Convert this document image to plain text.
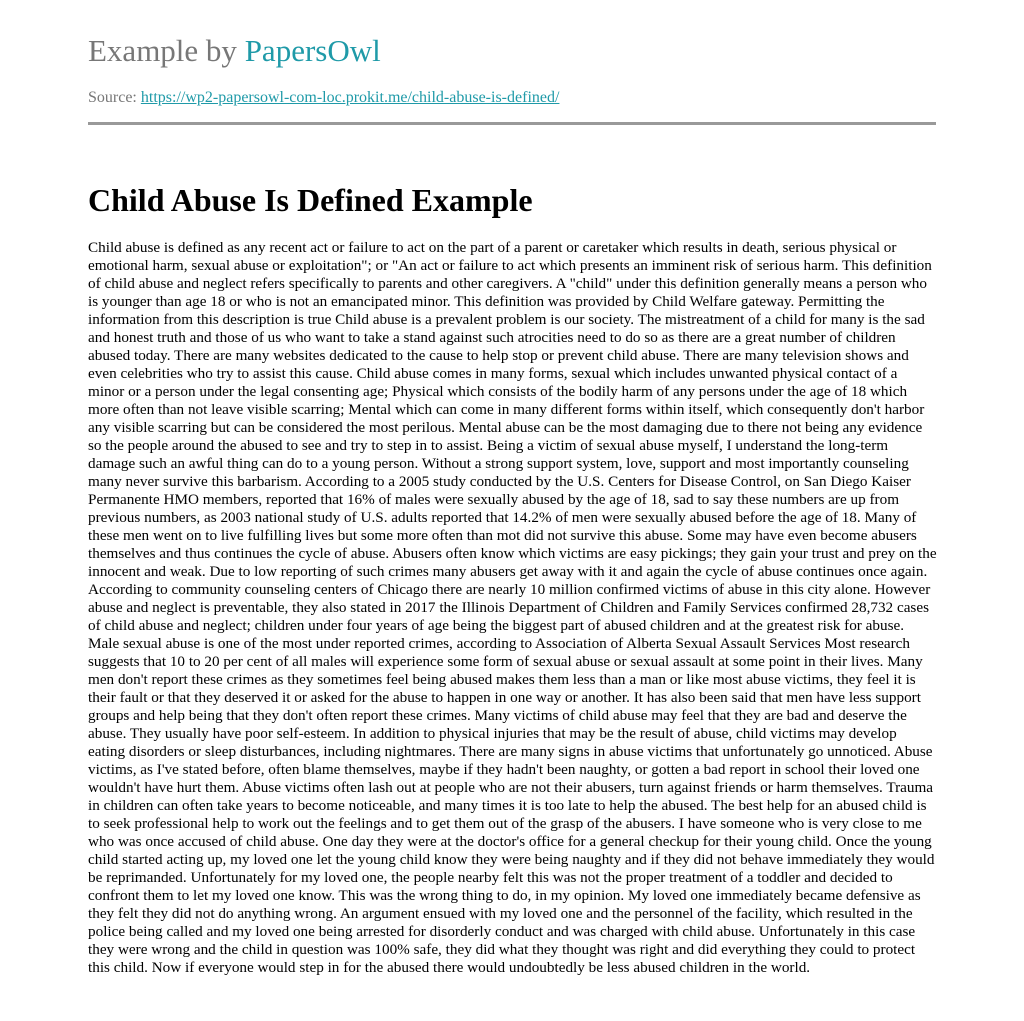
Example by PapersOwl
Source: https://wp2-papersowl-com-loc.prokit.me/child-abuse-is-defined/
Child Abuse Is Defined Example

Child abuse is defined as any recent act or failure to act on the part of a parent or caretaker which results in death, serious physical or emotional harm, sexual abuse or exploitation"; or "An act or failure to act which presents an imminent risk of serious harm. This definition of child abuse and neglect refers specifically to parents and other caregivers. A "child" under this definition generally means a person who is younger than age 18 or who is not an emancipated minor. This definition was provided by Child Welfare gateway. Permitting the information from this description is true Child abuse is a prevalent problem is our society. The mistreatment of a child for many is the sad and honest truth and those of us who want to take a stand against such atrocities need to do so as there are a great number of children abused today. There are many websites dedicated to the cause to help stop or prevent child abuse. There are many television shows and even celebrities who try to assist this cause. Child abuse comes in many forms, sexual which includes unwanted physical contact of a minor or a person under the legal consenting age; Physical which consists of the bodily harm of any persons under the age of 18 which more often than not leave visible scarring; Mental which can come in many different forms within itself, which consequently don't harbor any visible scarring but can be considered the most perilous. Mental abuse can be the most damaging due to there not being any evidence so the people around the abused to see and try to step in to assist. Being a victim of sexual abuse myself, I understand the long-term damage such an awful thing can do to a young person. Without a strong support system, love, support and most importantly counseling many never survive this barbarism. According to a 2005 study conducted by the U.S. Centers for Disease Control, on San Diego Kaiser Permanente HMO members, reported that 16% of males were sexually abused by the age of 18, sad to say these numbers are up from previous numbers, as 2003 national study of U.S. adults reported that 14.2% of men were sexually abused before the age of 18. Many of these men went on to live fulfilling lives but some more often than mot did not survive this abuse. Some may have even become abusers themselves and thus continues the cycle of abuse. Abusers often know which victims are easy pickings; they gain your trust and prey on the innocent and weak. Due to low reporting of such crimes many abusers get away with it and again the cycle of abuse continues once again. According to community counseling centers of Chicago there are nearly 10 million confirmed victims of abuse in this city alone. However abuse and neglect is preventable, they also stated in 2017 the Illinois Department of Children and Family Services confirmed 28,732 cases of child abuse and neglect; children under four years of age being the biggest part of abused children and at the greatest risk for abuse. Male sexual abuse is one of the most under reported crimes, according to Association of Alberta Sexual Assault Services Most research suggests that 10 to 20 per cent of all males will experience some form of sexual abuse or sexual assault at some point in their lives. Many men don't report these crimes as they sometimes feel being abused makes them less than a man or like most abuse victims, they feel it is their fault or that they deserved it or asked for the abuse to happen in one way or another. It has also been said that men have less support groups and help being that they don't often report these crimes. Many victims of child abuse may feel that they are bad and deserve the abuse. They usually have poor self-esteem. In addition to physical injuries that may be the result of abuse, child victims may develop eating disorders or sleep disturbances, including nightmares. There are many signs in abuse victims that unfortunately go unnoticed. Abuse victims, as I've stated before, often blame themselves, maybe if they hadn't been naughty, or gotten a bad report in school their loved one wouldn't have hurt them. Abuse victims often lash out at people who are not their abusers, turn against friends or harm themselves. Trauma in children can often take years to become noticeable, and many times it is too late to help the abused. The best help for an abused child is to seek professional help to work out the feelings and to get them out of the grasp of the abusers. I have someone who is very close to me who was once accused of child abuse. One day they were at the doctor's office for a general checkup for their young child. Once the young child started acting up, my loved one let the young child know they were being naughty and if they did not behave immediately they would be reprimanded. Unfortunately for my loved one, the people nearby felt this was not the proper treatment of a toddler and decided to confront them to let my loved one know. This was the wrong thing to do, in my opinion. My loved one immediately became defensive as they felt they did not do anything wrong. An argument ensued with my loved one and the personnel of the facility, which resulted in the police being called and my loved one being arrested for disorderly conduct and was charged with child abuse. Unfortunately in this case they were wrong and the child in question was 100% safe, they did what they thought was right and did everything they could to protect this child. Now if everyone would step in for the abused there would undoubtedly be less abused children in the world.
